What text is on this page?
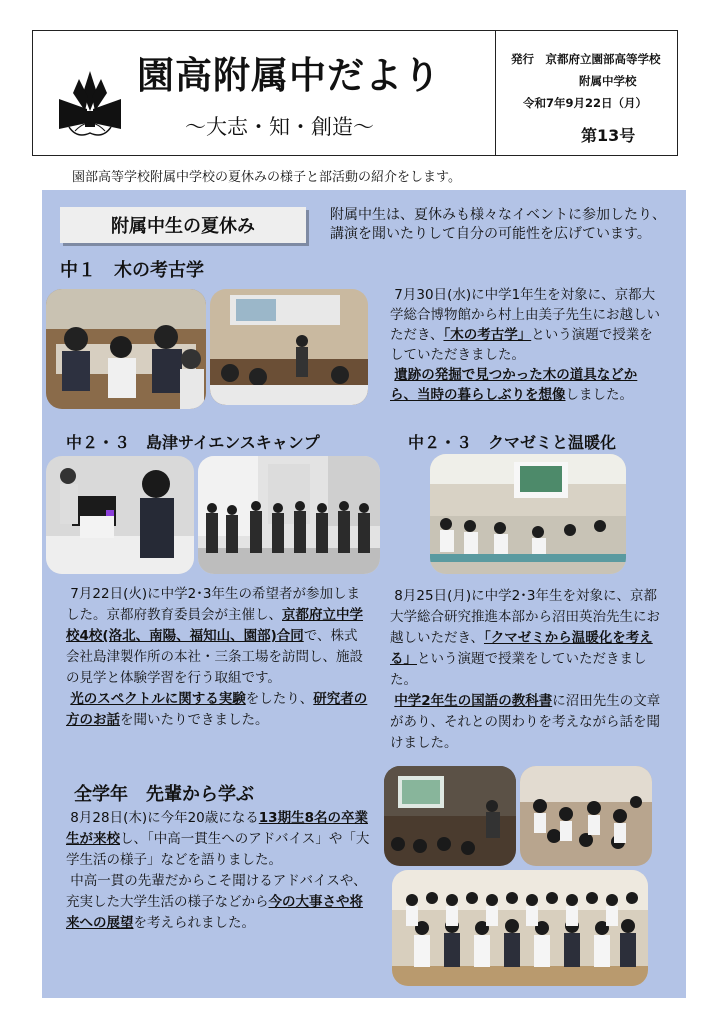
園高附属中だより
～大志・知・創造～
発行　京都府立園部高等学校
附属中学校
令和7年9月22日（月）
第13号
園部高等学校附属中学校の夏休みの様子と部活動の紹介をします。
附属中生の夏休み
附属中生は、夏休みも様々なイベントに参加したり、講演を聞いたりして自分の可能性を広げています。
中１　木の考古学
7月30日(水)に中学1年生を対象に、京都大学総合博物館から村上由美子先生にお越しいただき、「木の考古学」という演題で授業をしていただきました。
遺跡の発掘で見つかった木の道具などから、当時の暮らしぶりを想像しました。
中２・３　島津サイエンスキャンプ
7月22日(火)に中学2･3年生の希望者が参加しました。京都府教育委員会が主催し、京都府立中学校4校(洛北、南陽、福知山、園部)合同で、株式会社島津製作所の本社・三条工場を訪問し、施設の見学と体験学習を行う取組です。
光のスペクトルに関する実験をしたり、研究者の方のお話を聞いたりできました。
中２・３　クマゼミと温暖化
8月25日(月)に中学2･3年生を対象に、京都大学総合研究推進本部から沼田英治先生にお越しいただき、「クマゼミから温暖化を考える」という演題で授業をしていただきました。
中学2年生の国語の教科書に沼田先生の文章があり、それとの関わりを考えながら話を聞けました。
全学年　先輩から学ぶ
8月28日(木)に今年20歳になる13期生8名の卒業生が来校し、「中高一貫生へのアドバイス」や「大学生活の様子」などを語りました。
中高一貫の先輩だからこそ聞けるアドバイスや、充実した大学生活の様子などから今の大事さや将来への展望を考えられました。
